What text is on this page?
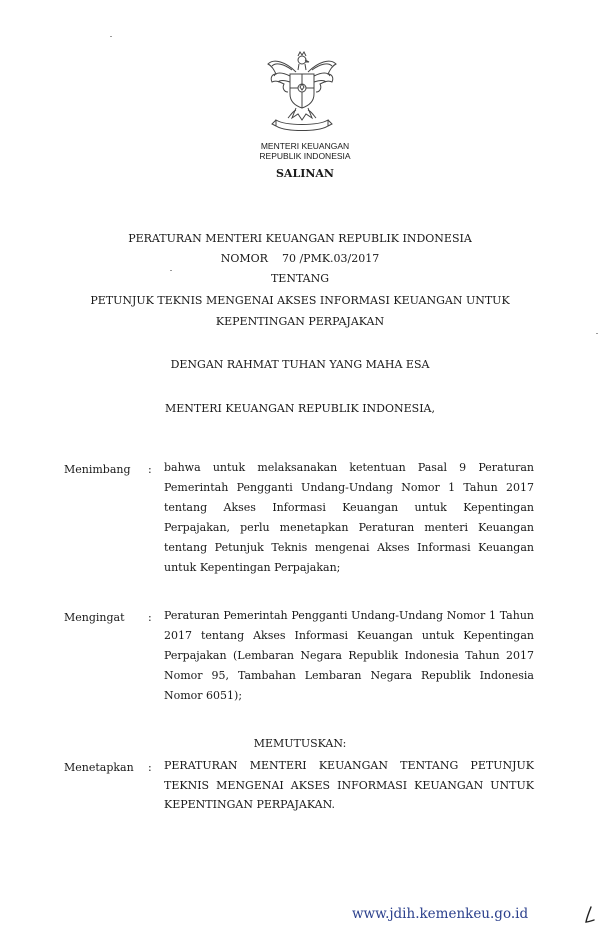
MENTERI KEUANGAN
REPUBLIK INDONESIA
SALINAN
PERATURAN MENTERI KEUANGAN REPUBLIK INDONESIA
NOMOR 70 /PMK.03/2017
TENTANG
PETUNJUK TEKNIS MENGENAI AKSES INFORMASI KEUANGAN UNTUK
KEPENTINGAN PERPAJAKAN
DENGAN RAHMAT TUHAN YANG MAHA ESA
MENTERI KEUANGAN REPUBLIK INDONESIA,
Menimbang : bahwa untuk melaksanakan ketentuan Pasal 9 Peraturan Pemerintah Pengganti Undang-Undang Nomor 1 Tahun 2017 tentang Akses Informasi Keuangan untuk Kepentingan Perpajakan, perlu menetapkan Peraturan menteri Keuangan tentang Petunjuk Teknis mengenai Akses Informasi Keuangan untuk Kepentingan Perpajakan;
Mengingat : Peraturan Pemerintah Pengganti Undang-Undang Nomor 1 Tahun 2017 tentang Akses Informasi Keuangan untuk Kepentingan Perpajakan (Lembaran Negara Republik Indonesia Tahun 2017 Nomor 95, Tambahan Lembaran Negara Republik Indonesia Nomor 6051);
MEMUTUSKAN:
Menetapkan : PERATURAN MENTERI KEUANGAN TENTANG PETUNJUK TEKNIS MENGENAI AKSES INFORMASI KEUANGAN UNTUK KEPENTINGAN PERPAJAKAN.
www.jdih.kemenkeu.go.id
